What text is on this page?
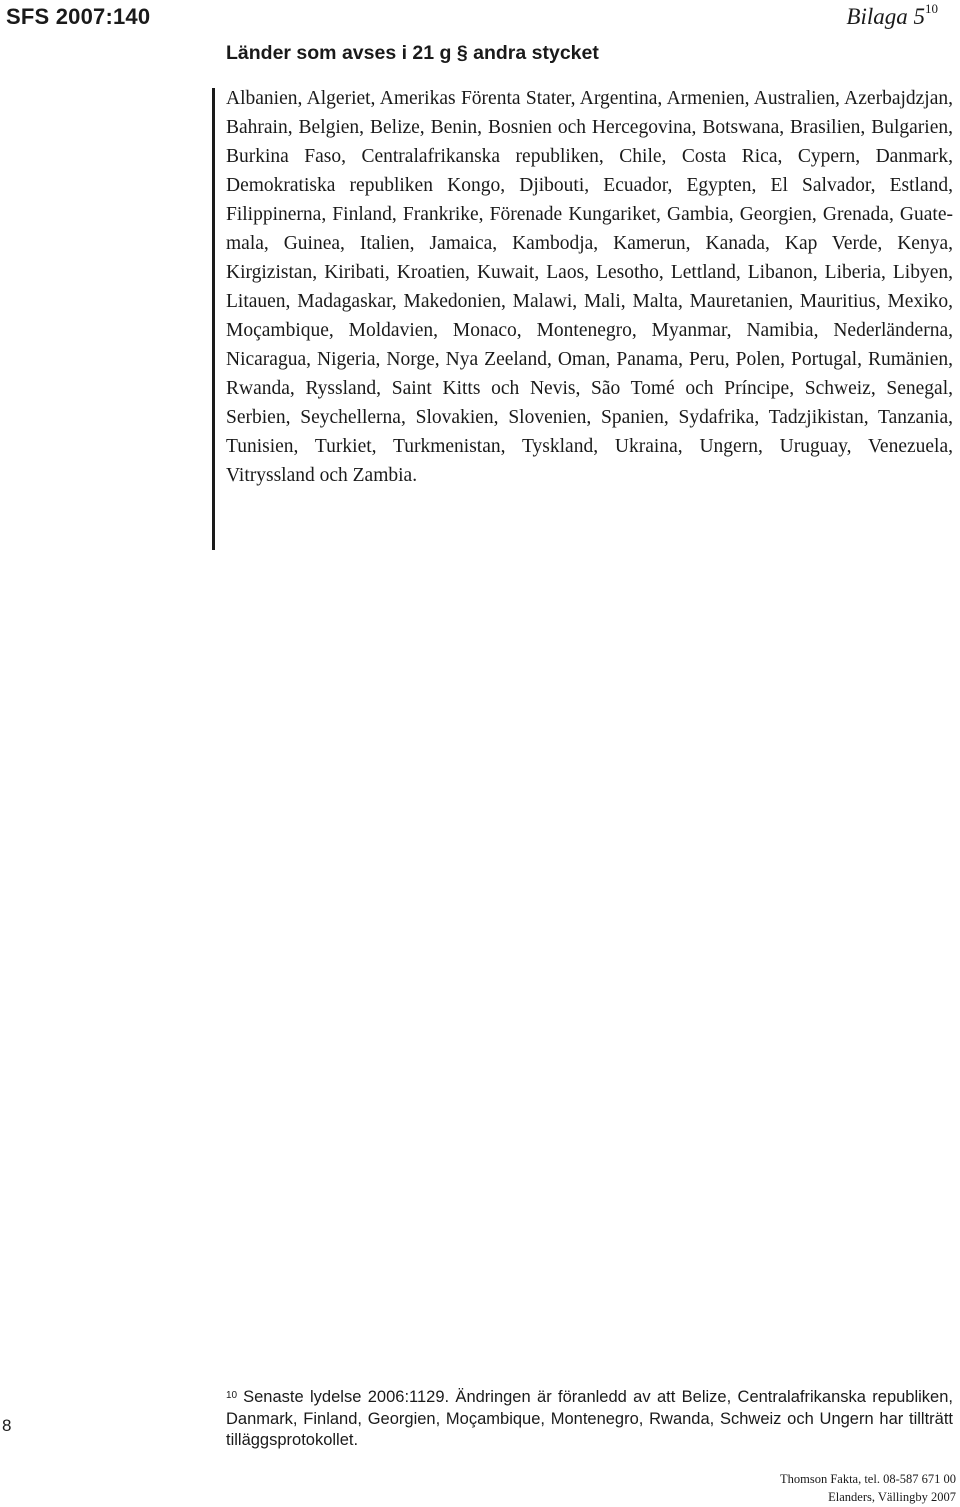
SFS 2007:140	Bilaga $5^{10}$
Länder som avses i 21 g § andra stycket
Albanien, Algeriet, Amerikas Förenta Stater, Argentina, Armenien, Australien, Azerbajdzjan, Bahrain, Belgien, Belize, Benin, Bosnien och Hercegovina, Botswana, Brasilien, Bulgarien, Burkina Faso, Centralafrikanska republiken, Chile, Costa Rica, Cypern, Danmark, Demokratiska republiken Kongo, Djibouti, Ecuador, Egypten, El Salvador, Estland, Filippinerna, Finland, Frankrike, Förenade Kungariket, Gambia, Georgien, Grenada, Guatemala, Guinea, Italien, Jamaica, Kambodja, Kamerun, Kanada, Kap Verde, Kenya, Kirgizistan, Kiribati, Kroatien, Kuwait, Laos, Lesotho, Lettland, Libanon, Liberia, Libyen, Litauen, Madagaskar, Makedonien, Malawi, Mali, Malta, Mauretanien, Mauritius, Mexiko, Moçambique, Moldavien, Monaco, Montenegro, Myanmar, Namibia, Nederländerna, Nicaragua, Nigeria, Norge, Nya Zeeland, Oman, Panama, Peru, Polen, Portugal, Rumänien, Rwanda, Ryssland, Saint Kitts och Nevis, São Tomé och Príncipe, Schweiz, Senegal, Serbien, Seychellerna, Slovakien, Slovenien, Spanien, Sydafrika, Tadzjikistan, Tanzania, Tunisien, Turkiet, Turkmenistan, Tyskland, Ukraina, Ungern, Uruguay, Venezuela, Vitryssland och Zambia.
$^{10}$ Senaste lydelse 2006:1129. Ändringen är föranledd av att Belize, Centralafrikanska republiken, Danmark, Finland, Georgien, Moçambique, Montenegro, Rwanda, Schweiz och Ungern har tillträtt tilläggsprotokollet.
8
Thomson Fakta, tel. 08-587 671 00
Elanders, Vällingby 2007
